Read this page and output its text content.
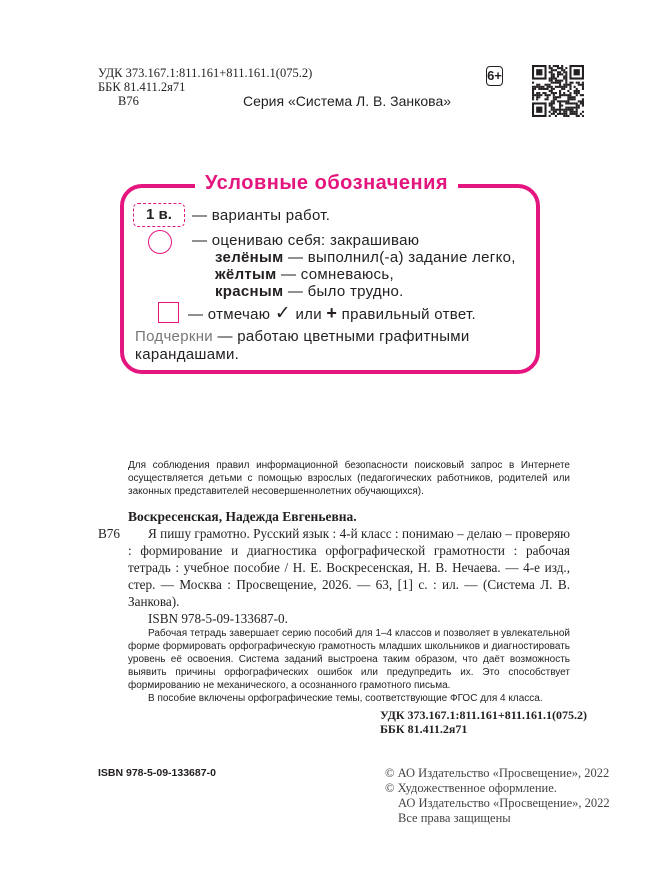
УДК 373.167.1:811.161+811.161.1(075.2)
ББК 81.411.2я71
В76	Серия «Система Л. В. Занкова»
6+
Условные обозначения
1 в.	— варианты работ.
— оцениваю себя: закрашиваю
зелёным — выполнил(-а) задание легко,
жёлтым — сомневаюсь,
красным — было трудно.
— отмечаю ✓ или + правильный ответ.
Подчеркни — работаю цветными графитными
карандашами.
Для соблюдения правил информационной безопасности поисковый запрос в Интернете осуществляется детьми с помощью взрослых (педагогических работников, родителей или законных представителей несовершеннолетних обучающихся).
Воскресенская, Надежда Евгеньевна.
В76	Я пишу грамотно. Русский язык : 4-й класс : понимаю – делаю – проверяю : формирование и диагностика орфографической грамотности : рабочая тетрадь : учебное пособие / Н. Е. Воскресенская, Н. В. Нечаева. — 4-е изд., стер. — Москва : Просвещение, 2026. — 63, [1] с. : ил. — (Система Л. В. Занкова).
ISBN 978-5-09-133687-0.
Рабочая тетрадь завершает серию пособий для 1–4 классов и позволяет в увлекательной форме формировать орфографическую грамотность младших школьников и диагностировать уровень её освоения. Система заданий выстроена таким образом, что даёт возможность выявить причины орфографических ошибок или предупредить их. Это способствует формированию не механического, а осознанного грамотного письма.
В пособие включены орфографические темы, соответствующие ФГОС для 4 класса.
УДК 373.167.1:811.161+811.161.1(075.2)
ББК 81.411.2я71
ISBN 978-5-09-133687-0	© АО Издательство «Просвещение», 2022
© Художественное оформление.
АО Издательство «Просвещение», 2022
Все права защищены
